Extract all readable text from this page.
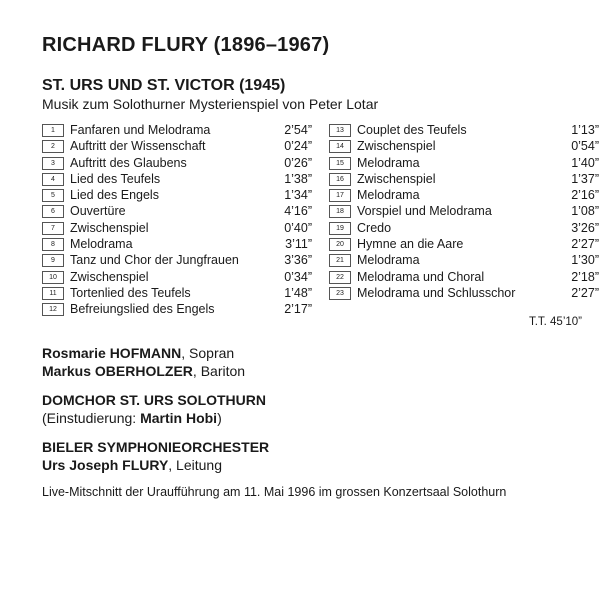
RICHARD FLURY (1896–1967)
ST. URS UND ST. VICTOR (1945)
Musik zum Solothurner Mysterienspiel von Peter Lotar
1	Fanfaren und Melodrama	2’54”
2	Auftritt der Wissenschaft	0’24”
3	Auftritt des Glaubens	0’26”
4	Lied des Teufels	1’38”
5	Lied des Engels	1’34”
6	Ouvertüre	4’16”
7	Zwischenspiel	0’40”
8	Melodrama	3’11”
9	Tanz und Chor der Jungfrauen	3’36”
10	Zwischenspiel	0’34”
11	Tortenlied des Teufels	1’48”
12	Befreiungslied des Engels	2’17”
13	Couplet des Teufels	1’13”
14	Zwischenspiel	0’54”
15	Melodrama	1’40”
16	Zwischenspiel	1’37”
17	Melodrama	2’16”
18	Vorspiel und Melodrama	1’08”
19	Credo	3’26”
20	Hymne an die Aare	2’27”
21	Melodrama	1’30”
22	Melodrama und Choral	2’18”
23	Melodrama und Schlusschor	2’27”
T.T. 45’10”
Rosmarie HOFMANN, Sopran
Markus OBERHOLZER, Bariton
DOMCHOR ST. URS SOLOTHURN
(Einstudierung: Martin Hobi)
BIELER SYMPHONIEORCHESTER
Urs Joseph FLURY, Leitung
Live-Mitschnitt der Uraufführung am 11. Mai 1996 im grossen Konzertsaal Solothurn
